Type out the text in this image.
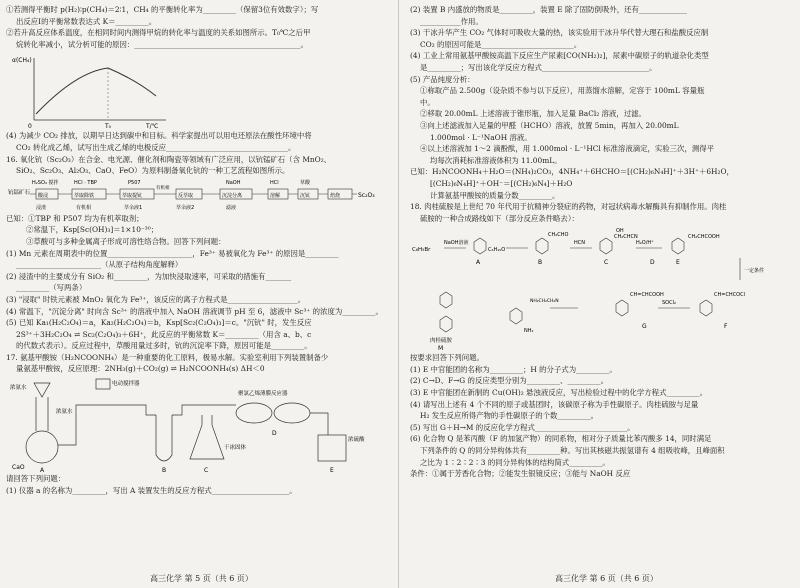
①若测得平衡时 p(H₂)∶p(CH₄)＝2∶1，CH₄ 的平衡转化率为_________（保留3位有效数字）；写

出反应Ⅰ的平衡常数表达式 K＝_________。

②若升高反应体系温度，在相同时间内测得甲烷的转化率与温度的关系如图所示。T₀℃之后甲

烷转化率减小，试分析可能的原因：_____________________________________________。

α(CH₄)
0	T₀	T/℃

(4) 为减少 CO₂ 排放，以期早日达到碳中和目标。科学家提出可以用电还原法在酸性环境中将

CO₂ 转化成乙烯，试写出生成乙烯的电极反应_________________________________。

16. 氧化钪（Sc₂O₃）在合金、电光源、催化剂和陶瓷等领域有广泛应用，以钪锰矿石（含 MnO₂、

SiO₂、Sc₂O₃、Al₂O₃、CaO、FeO）为原料制备氧化钪的一种工艺流程如图所示。

钪锰矿石	Sc₂O₃
酸浸	萃取除铁	萃取提钪	反萃取	沉淀分离	溶解	沉钪	焙烧
H₂SO₄ 搅拌	HCl · TBP	P507
有机相
NaOH	HCl	草酸
浸渣	有机相	萃余液1	萃余液2	滤液

已知：①TBP 和 P507 均为有机萃取剂；

②常温下，Ksp[Sc(OH)₃]＝1×10⁻³⁰；

③草酸可与多种金属离子形成可溶性络合物。回答下列问题：

(1) Mn 元素在周期表中的位置_______________________，Fe³⁺ 易被氧化为 Fe³⁺ 的原因是_________

_______________________（从原子结构角度解释）

(2) 浸渣中的主要成分有 SiO₂ 和_________，为加快浸取速率，可采取的措施有_______

_________（写两条）

(3) "浸取" 时铁元素被 MnO₂ 氧化为 Fe³⁺，该反应的离子方程式是___________________。

(4) 常温下，"沉淀分离" 时向含 Sc³⁺ 的溶液中加入 NaOH 溶液调节 pH 至 6，滤液中 Sc³⁺ 的浓度为_________。

(5) 已知 Ka₁(H₂C₂O₄)＝a，Ka₂(H₂C₂O₄)＝b，Ksp[Sc₂(C₂O₄)₃]＝c。"沉钪" 时，发生反应

2S³⁺＋3H₂C₂O₄ ⇌ Sc₂(C₂O₄)₃＋6H⁺，此反应的平衡常数 K＝_________（用含 a、b、c

的代数式表示）。反应过程中，草酸用量过多时，钪的沉淀率下降，原因可能是_________。

17. 氨基甲酸铵（H₂NCOONH₄）是一种重要的化工原料，极易水解。实验室利用下列装置制备少

量氨基甲酸铵，反应原理：2NH₃(g)＋CO₂(g) ⇌ H₂NCOONH₄(s) ΔH＜0

浓氨水
电动搅拌器
浓氨水
CaO	A	B	C
D
E
聚氯乙烯薄膜反应器
干冰固体
浓硫酸

请回答下列问题：

(1) 仪器 a 的名称为_________，写出 A 装置发生的反应方程式_____________________。

高三化学 第 5 页（共 6 页）

(2) 装置 B 内盛放的物质是_________，装置 E 除了固防倒吸外，还有_____________

___________作用。

(3) 干冰升华产生 CO₂ 气体时可吸收大量的热，该实验用干冰升华代替大理石和盐酸反应制

CO₂ 的原因可能是_________________________。

(4) 工业上常用氨基甲酸铵高温下反应生产尿素[CO(NH₂)₂]，尿素中碳原子的轨道杂化类型

是_________；写出该化学反应方程式_____________________________。

(5) 产品纯度分析：

①称取产品 2.500g（设杂质不参与以下反应），用蒸馏水溶解，定容于 100mL 容量瓶

中。

②移取 20.00mL 上述溶液于锥形瓶，加入足量 BaCl₂ 溶液，过滤。

③向上述滤液加入足量的甲醛（HCHO）溶液，放置 5min，再加入 20.00mL

1.000mol · L⁻¹NaOH 溶液。

④以上述溶液加 1～2 滴酚酞，用 1.000mol · L⁻¹HCl 标准溶液滴定，实验三次，测得平

均每次消耗标准溶液体积为 11.00mL。

已知：H₂NCOONH₄＋H₂O＝(NH₄)₂CO₃，4NH₄⁺＋6HCHO＝[(CH₂)₆N₄H]⁺＋3H⁺＋6H₂O，

[(CH₂)₆N₄H]⁺＋OH⁻＝[(CH₂)₆N₄]＋H₂O

计算氨基甲酸铵的质量分数_________。

18. 肉桂硫胺是上世纪 70 年代用于抗精神分裂症的药物，对冠状病毒水解酶具有抑制作用。肉桂

硫胺的一种合成路线如下（部分反应条件略去）：

C₆H₅Br
NaOH溶液
A
C₆H₁₀O
CH₂CHO
HCN
OH
CH₂CHCN
H₂O/H⁺
CH₂CHCOOH
B	C	D	E
一定条件
CH=CHCOCl
SOCl₂
NH₂CH₂CH₂N
CH=CHCOOH
G	F
肉桂硫胺
M
NH₂

按要求回答下列问题。

(1) E 中官能团的名称为_________；H 的分子式为_________。

(2) C→D、F→G 的反应类型分别为_________、_________。

(3) E 中官能团在新制的 Cu(OH)₂ 悬浊液反应，写出检验过程中的化学方程式_________。

(4) 请写出上述有 4 个不同的原子或基团时，该碳原子称为手性碳原子。肉桂硫胺与足量

H₂ 发生反应所得产物的手性碳原子的个数_________。

(5) 写出 G＋H→M 的反应化学方程式_________________________。

(6) 化合物 Q 是苯丙酸（F 的加氢产物）的同系物，相对分子质量比苯丙酸多 14，同时满足

下列条件的 Q 的同分异构体共有_________种。写出其核磁共振氢谱有 4 组吸收峰，且峰面积

之比为 1∶2∶2∶3 的同分异构体的结构简式_________。

条件：①属于芳香化合物；②能发生银镜反应；③能与 NaOH 反应

高三化学 第 6 页（共 6 页）
